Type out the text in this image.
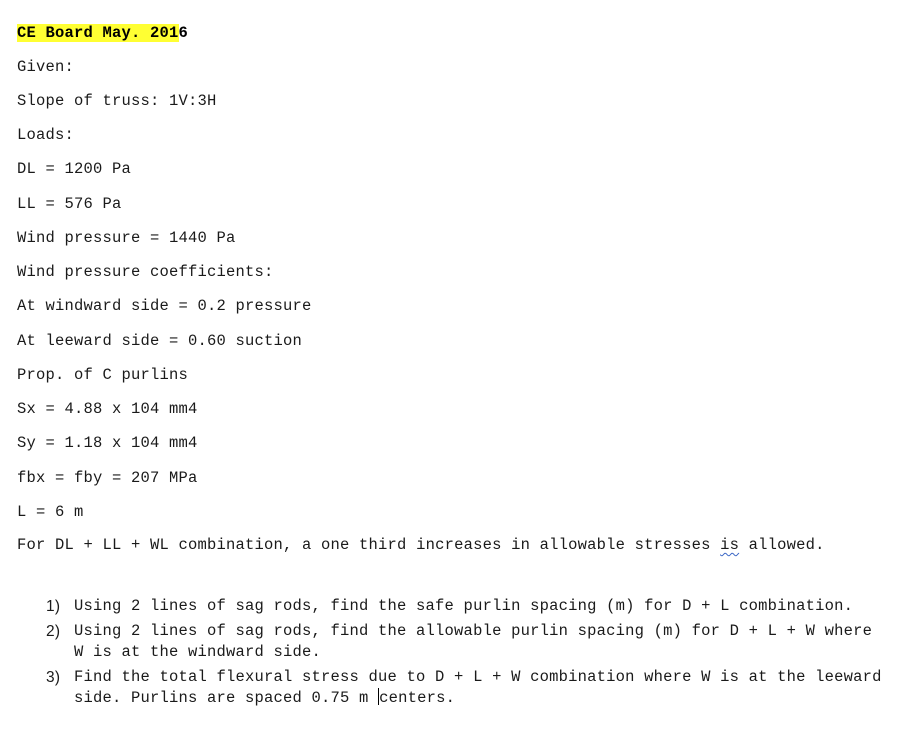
CE Board May. 2016
Given:
Slope of truss: 1V:3H
Loads:
DL = 1200 Pa
LL = 576 Pa
Wind pressure = 1440 Pa
Wind pressure coefficients:
At windward side = 0.2 pressure
At leeward side = 0.60 suction
Prop. of C purlins
Sx = 4.88 x 104 mm4
Sy = 1.18 x 104 mm4
fbx = fby = 207 MPa
L = 6 m
For DL + LL + WL combination, a one third increases in allowable stresses is allowed.
1) Using 2 lines of sag rods, find the safe purlin spacing (m) for D + L combination.
2) Using 2 lines of sag rods, find the allowable purlin spacing (m) for D + L + W where W is at the windward side.
3) Find the total flexural stress due to D + L + W combination where W is at the leeward side. Purlins are spaced 0.75 m centers.
